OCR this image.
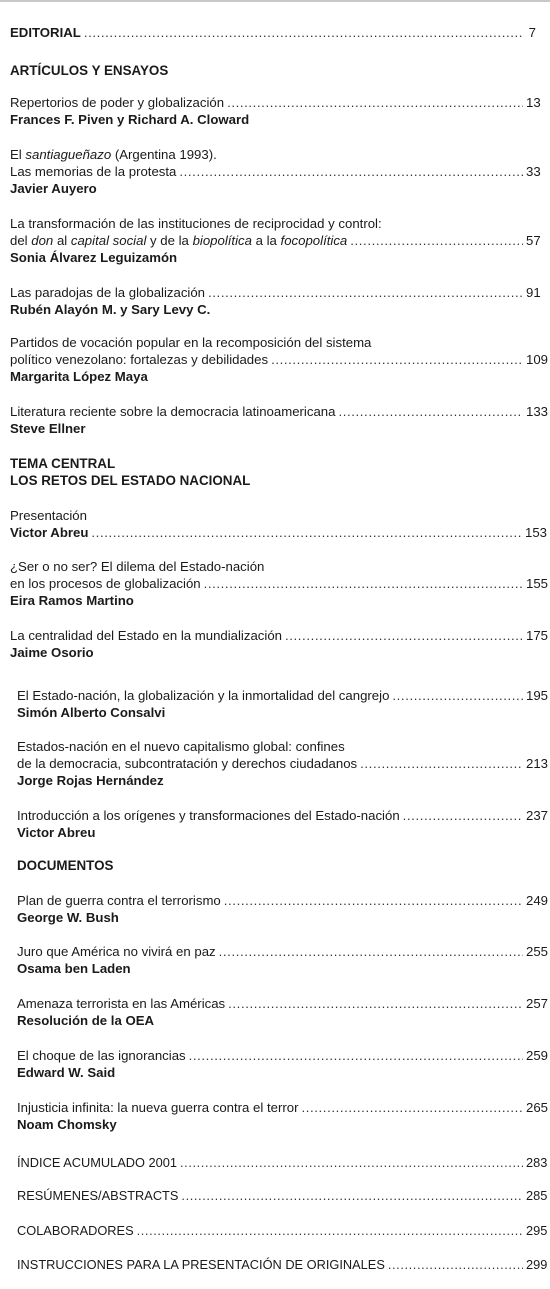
EDITORIAL .....	7
ARTÍCULOS Y ENSAYOS
Repertorios de poder y globalización .....	13
Frances F. Piven y Richard A. Cloward
El santiagueñazo (Argentina 1993).
Las memorias de la protesta .....	33
Javier Auyero
La transformación de las instituciones de reciprocidad y control:
del don al capital social y de la biopolítica a la focopolítica .....	57
Sonia Álvarez Leguizamón
Las paradojas de la globalización .....	91
Rubén Alayón M. y Sary Levy C.
Partidos de vocación popular en la recomposición del sistema
político venezolano: fortalezas y debilidades .....	109
Margarita López Maya
Literatura reciente sobre la democracia latinoamericana .....	133
Steve Ellner
TEMA CENTRAL
LOS RETOS DEL ESTADO NACIONAL
Presentación
Victor Abreu .....	153
¿Ser o no ser? El dilema del Estado-nación
en los procesos de globalización .....	155
Eira Ramos Martino
La centralidad del Estado en la mundialización .....	175
Jaime Osorio
El Estado-nación, la globalización y la inmortalidad del cangrejo .....	195
Simón Alberto Consalvi
Estados-nación en el nuevo capitalismo global: confines
de la democracia, subcontratación y derechos ciudadanos .....	213
Jorge Rojas Hernández
Introducción a los orígenes y transformaciones del Estado-nación .....	237
Victor Abreu
DOCUMENTOS
Plan de guerra contra el terrorismo .....	249
George W. Bush
Juro que América no vivirá en paz .....	255
Osama ben Laden
Amenaza terrorista en las Américas .....	257
Resolución de la OEA
El choque de las ignorancias .....	259
Edward W. Said
Injusticia infinita: la nueva guerra contra el terror .....	265
Noam Chomsky
ÍNDICE ACUMULADO 2001 .....	283
RESÚMENES/ABSTRACTS .....	285
COLABORADORES .....	295
INSTRUCCIONES PARA LA PRESENTACIÓN DE ORIGINALES .....	299
